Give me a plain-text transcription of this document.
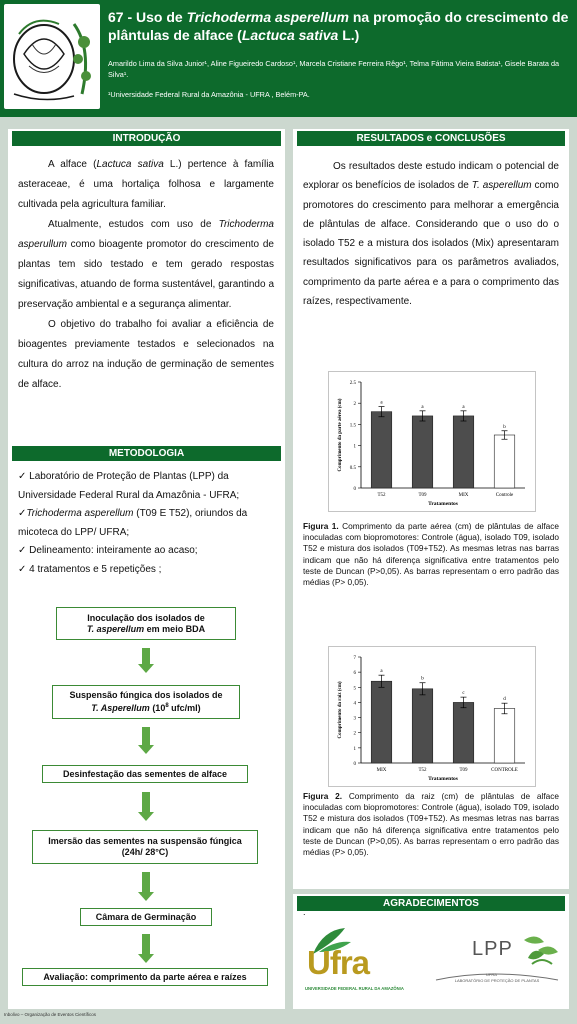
67 - Uso de Trichoderma asperellum na promoção do crescimento de plântulas de alface (Lactuca sativa L.)
Amarildo Lima da Silva Junior¹, Aline Figueiredo Cardoso¹, Marcela Cristiane Ferreira Rêgo¹, Telma Fátima Vieira Batista¹, Gisele Barata da Silva¹.
¹Universidade Federal Rural da Amazônia - UFRA , Belém-PA.
INTRODUÇÃO

A alface (Lactuca sativa L.) pertence à família asteraceae, é uma hortaliça folhosa e largamente cultivada pela agricultura familiar.

Atualmente, estudos com uso de Trichoderma asperullum como bioagente promotor do crescimento de plantas tem sido testado e tem gerado respostas significativas, atuando de forma sustentável, garantindo a preservação ambiental e a segurança alimentar.

O objetivo do trabalho foi avaliar a eficiência de bioagentes previamente testados e selecionados na cultura do arroz na indução de germinação de sementes de alface.

METODOLOGIA
✓ Laboratório de Proteção de Plantas (LPP) da Universidade Federal Rural da Amazônia - UFRA;
✓Trichoderma asperellum (T09 E T52), oriundos da micoteca do LPP/ UFRA;
✓ Delineamento: inteiramente ao acaso;
✓ 4 tratamentos e 5 repetições ;
Inoculação dos isolados de
T. asperellum em meio BDA
Suspensão fúngica dos isolados de
T. Asperellum ($10^8$ ufc/ml)
Desinfestação das sementes de alface
Imersão das sementes na suspensão fúngica
(24h/ 28°C)
Câmara de Germinação
Avaliação: comprimento da parte aérea e raízes
RESULTADOS e CONCLUSÕES

Os resultados deste estudo indicam o potencial de explorar os benefícios de isolados de T. asperellum como promotores do crescimento para melhorar a emergência de plântulas de alface. Considerando que o uso do o isolado T52 e a mistura dos isolados (Mix) apresentaram resultados significativos para os parâmetros avaliados, comprimento da parte aérea e a para o comprimento das raízes, respectivamente.

0
0.5
1
1.5
2
2.5
a
T52
a
T09
a
MIX
b
Controle
Tratamentos
Comprimento da parte aérea (cm)

Figura 1. Comprimento da parte aérea (cm) de plântulas de alface inoculadas com biopromotores: Controle (água), isolado T09, isolado T52 e mistura dos isolados (T09+T52). As mesmas letras nas barras indicam que não há diferença significativa entre tratamentos pelo teste de Duncan (P>0,05). As barras representam o erro padrão das médias (P> 0,05).

0
1
2
3
4
5
6
7
a
MIX
b
T52
c
T09
d
CONTROLE
Tratamentos
Comprimento da raiz (cm)

Figura 2. Comprimento da raiz (cm) de plântulas de alface inoculadas com biopromotores: Controle (água), isolado T09, isolado T52 e mistura dos isolados (T09+T52). As mesmas letras nas barras indicam que não há diferença significativa entre tratamentos pelo teste de Duncan (P>0,05). As barras representam o erro padrão das médias (P> 0,05).

AGRADECIMENTOS
.
Ufra
UNIVERSIDADE FEDERAL RURAL DA AMAZÔNIA
LPP
UFRA
LABORATÓRIO DE PROTEÇÃO DE PLANTAS
Inbolivo – Organização de Eventos Científicos
